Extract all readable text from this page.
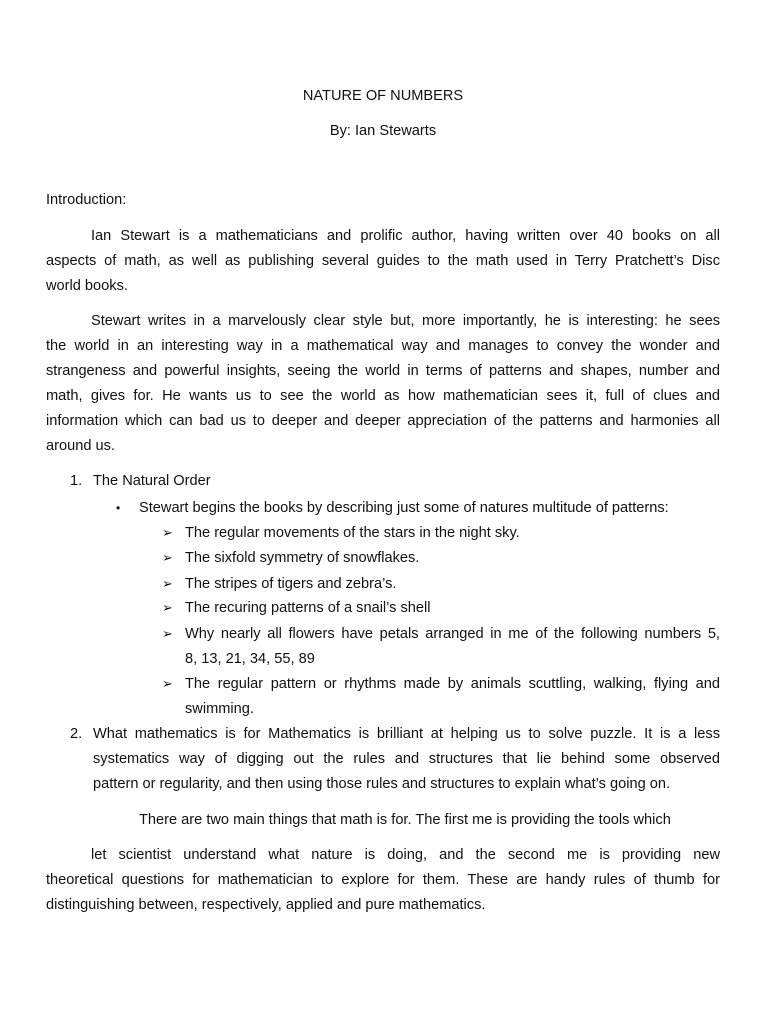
NATURE OF NUMBERS
By: Ian Stewarts
Introduction:
Ian Stewart is a mathematicians and prolific author, having written over 40 books on all
aspects of math, as well as publishing several guides to the math used in Terry Pratchett’s Disc
world books.
Stewart writes in a marvelously clear style but, more importantly, he is interesting: he sees
the world in an interesting way in a mathematical way and manages to convey the wonder and
strangeness and powerful insights, seeing the world in terms of patterns and shapes, number and
math, gives for. He wants us to see the world as how mathematician sees it, full of clues and
information which can bad us to deeper and deeper appreciation of the patterns and harmonies all
around us.
1. The Natural Order
• Stewart begins the books by describing just some of natures multitude of patterns:
➢ The regular movements of the stars in the night sky.
➢ The sixfold symmetry of snowflakes.
➢ The stripes of tigers and zebra’s.
➢ The recuring patterns of a snail’s shell
➢ Why nearly all flowers have petals arranged in me of the following numbers 5,
8, 13, 21, 34, 55, 89
➢ The regular pattern or rhythms made by animals scuttling, walking, flying and
swimming.
2. What mathematics is for Mathematics is brilliant at helping us to solve puzzle. It is a less
systematics way of digging out the rules and structures that lie behind some observed
pattern or regularity, and then using those rules and structures to explain what’s going on.
There are two main things that math is for. The first me is providing the tools which
let scientist understand what nature is doing, and the second me is providing new
theoretical questions for mathematician to explore for them. These are handy rules of thumb for
distinguishing between, respectively, applied and pure mathematics.
